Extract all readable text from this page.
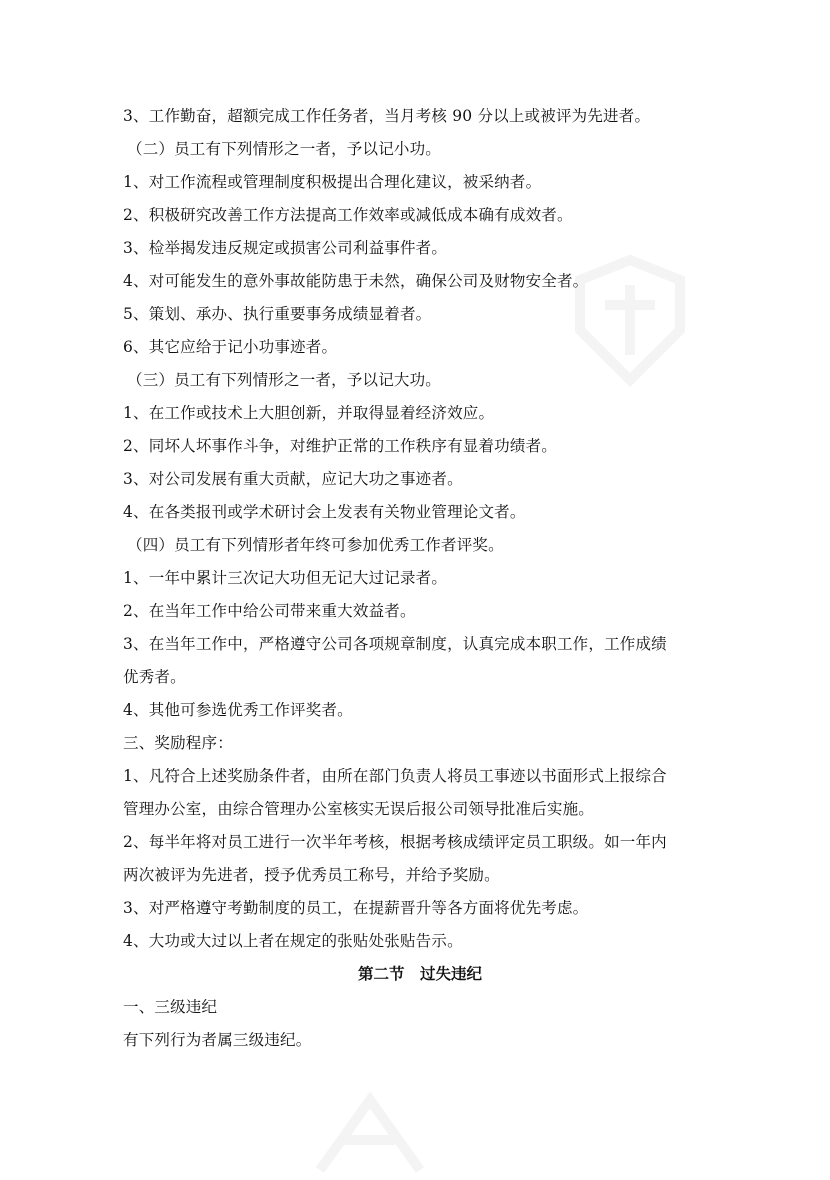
3、工作勤奋，超额完成工作任务者，当月考核 90 分以上或被评为先进者。
（二）员工有下列情形之一者，予以记小功。
1、对工作流程或管理制度积极提出合理化建议，被采纳者。
2、积极研究改善工作方法提高工作效率或减低成本确有成效者。
3、检举揭发违反规定或损害公司利益事件者。
4、对可能发生的意外事故能防患于未然，确保公司及财物安全者。
5、策划、承办、执行重要事务成绩显着者。
6、其它应给于记小功事迹者。
（三）员工有下列情形之一者，予以记大功。
1、在工作或技术上大胆创新，并取得显着经济效应。
2、同坏人坏事作斗争，对维护正常的工作秩序有显着功绩者。
3、对公司发展有重大贡献，应记大功之事迹者。
4、在各类报刊或学术研讨会上发表有关物业管理论文者。
（四）员工有下列情形者年终可参加优秀工作者评奖。
1、一年中累计三次记大功但无记大过记录者。
2、在当年工作中给公司带来重大效益者。
3、在当年工作中，严格遵守公司各项规章制度，认真完成本职工作，工作成绩
优秀者。
4、其他可参选优秀工作评奖者。
三、奖励程序：
1、凡符合上述奖励条件者，由所在部门负责人将员工事迹以书面形式上报综合
管理办公室，由综合管理办公室核实无误后报公司领导批准后实施。
2、每半年将对员工进行一次半年考核，根据考核成绩评定员工职级。如一年内
两次被评为先进者，授予优秀员工称号，并给予奖励。
3、对严格遵守考勤制度的员工，在提薪晋升等各方面将优先考虑。
4、大功或大过以上者在规定的张贴处张贴告示。
第二节　过失违纪
一、三级违纪
有下列行为者属三级违纪。
